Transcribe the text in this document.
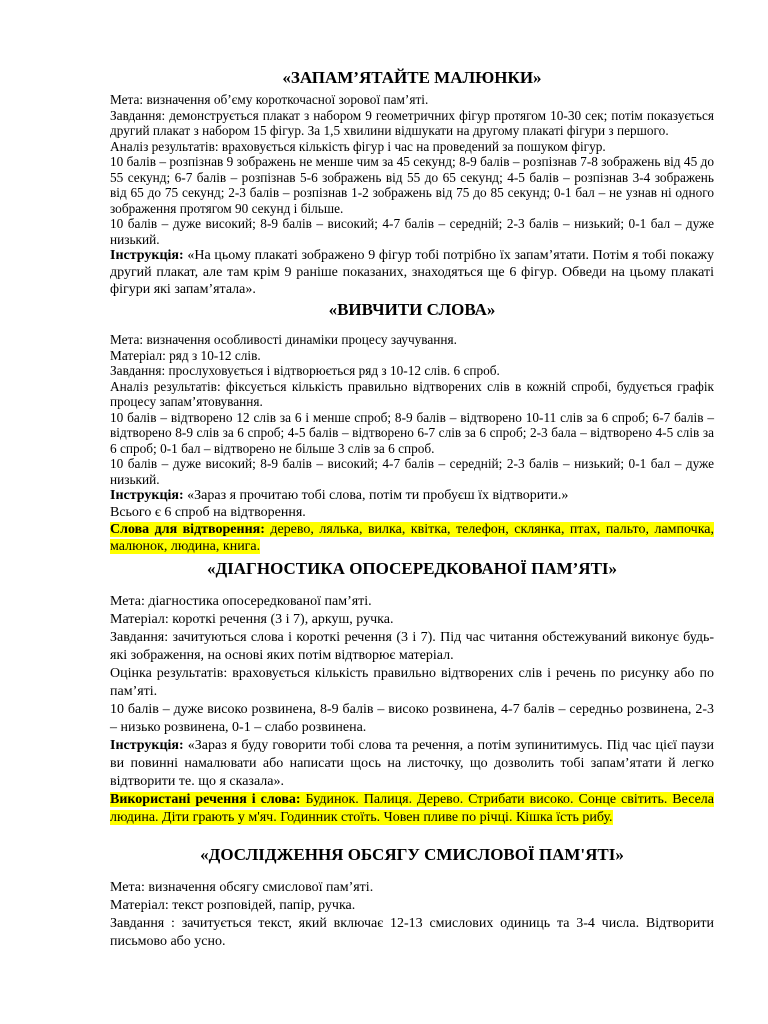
«ЗАПАМ’ЯТАЙТЕ МАЛЮНКИ»

Мета: визначення об’єму короткочасної зорової пам’яті.

Завдання: демонструється плакат з набором 9 геометричних фігур протягом 10-30 сек; потім показується другий плакат з набором 15 фігур. За 1,5 хвилини відшукати на другому плакаті фігури з першого.

Аналіз результатів: враховується кількість фігур і час на проведений за пошуком фігур.

10 балів – розпізнав 9 зображень не менше чим за 45 секунд; 8-9 балів – розпізнав 7-8 зображень від 45 до 55 секунд; 6-7 балів – розпізнав 5-6 зображень від 55 до 65 секунд; 4-5 балів – розпізнав 3-4 зображень від 65 до 75 секунд; 2-3 балів – розпізнав 1-2 зображень від 75 до 85 секунд; 0-1 бал – не узнав ні одного зображення протягом 90 секунд і більше.

10 балів – дуже високий; 8-9 балів – високий; 4-7 балів – середній; 2-3 балів – низький; 0-1 бал – дуже низький.

Інструкція: «На цьому плакаті зображено 9 фігур тобі потрібно їх запам’ятати. Потім я тобі покажу другий плакат, але там крім 9 раніше показаних, знаходяться ще 6 фігур. Обведи на цьому плакаті фігури які запам’ятала».

«ВИВЧИТИ СЛОВА»

Мета: визначення особливості динаміки процесу заучування.

Матеріал: ряд з 10-12 слів.

Завдання: прослуховується і відтворюється ряд з 10-12 слів. 6 спроб.

Аналіз результатів: фіксується кількість правильно відтворених слів в кожній спробі, будується графік процесу запам’ятовування.

10 балів – відтворено 12 слів за 6 і менше спроб; 8-9 балів – відтворено 10-11 слів за 6 спроб; 6-7 балів – відтворено 8-9 слів за 6 спроб; 4-5 балів – відтворено 6-7 слів за 6 спроб; 2-3 бала – відтворено 4-5 слів за 6 спроб; 0-1 бал – відтворено не більше 3 слів за 6 спроб.

10 балів – дуже високий; 8-9 балів – високий; 4-7 балів – середній; 2-3 балів – низький; 0-1 бал – дуже низький.

Інструкція: «Зараз я прочитаю тобі слова, потім ти пробуєш їх відтворити.»

Всього є 6 спроб на відтворення.

Слова для відтворення: дерево, лялька, вилка, квітка, телефон, склянка, птах, пальто, лампочка, малюнок, людина, книга.

«ДІАГНОСТИКА ОПОСЕРЕДКОВАНОЇ ПАМ’ЯТІ»

Мета: діагностика опосередкованої пам’яті.

Матеріал: короткі речення (3 і 7), аркуш, ручка.

Завдання: зачитуються слова і короткі речення (3 і 7). Під час читання обстежуваний виконує будь-які зображення, на основі яких потім відтворює матеріал.

Оцінка результатів: враховується кількість правильно відтворених слів і речень по рисунку або по пам’яті.

10 балів – дуже високо розвинена, 8-9 балів – високо розвинена, 4-7 балів – середньо розвинена, 2-3 – низько розвинена, 0-1 – слабо розвинена.

Інструкція: «Зараз я буду говорити тобі слова та речення, а потім зупинитимусь. Під час цієї паузи ви повинні намалювати або написати щось на листочку, що дозволить тобі запам’ятати й легко відтворити те. що я сказала».

Використані речення і слова: Будинок. Палиця. Дерево. Стрибати високо. Сонце світить. Весела людина. Діти грають у м'яч. Годинник стоїть. Човен пливе по річці. Кішка їсть рибу.

«ДОСЛІДЖЕННЯ ОБСЯГУ СМИСЛОВОЇ ПАМ'ЯТІ»

Мета: визначення обсягу смислової пам’яті.

Матеріал: текст розповідей, папір, ручка.

Завдання : зачитується текст, який включає 12-13 смислових одиниць та 3-4 числа. Відтворити письмово або усно.
